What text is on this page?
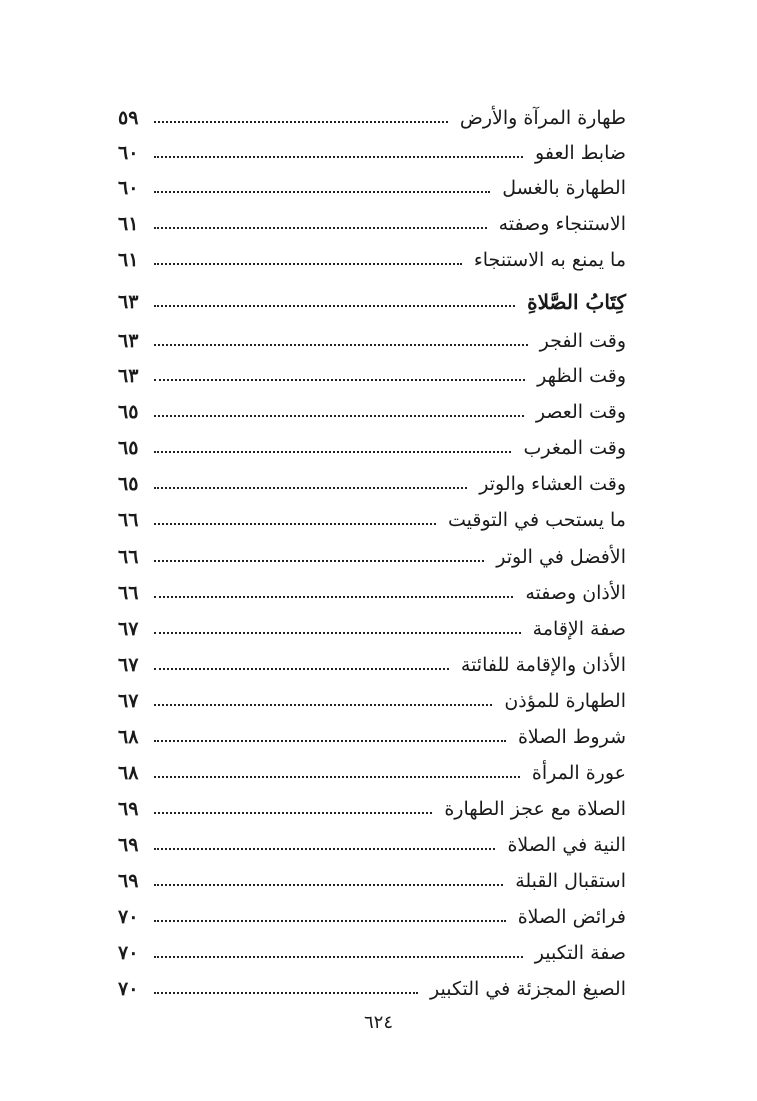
طهارة المرآة والأرض
٥٩
ضابط العفو
٦٠
الطهارة بالغسل
٦٠
الاستنجاء وصفته
٦١
ما يمنع به الاستنجاء
٦١
كِتَابُ الصَّلاةِ
٦٣
وقت الفجر
٦٣
وقت الظهر
٦٣
وقت العصر
٦٥
وقت المغرب
٦٥
وقت العشاء والوتر
٦٥
ما يستحب في التوقيت
٦٦
الأفضل في الوتر
٦٦
الأذان وصفته
٦٦
صفة الإقامة
٦٧
الأذان والإقامة للفائتة
٦٧
الطهارة للمؤذن
٦٧
شروط الصلاة
٦٨
عورة المرأة
٦٨
الصلاة مع عجز الطهارة
٦٩
النية في الصلاة
٦٩
استقبال القبلة
٦٩
فرائض الصلاة
٧٠
صفة التكبير
٧٠
الصيغ المجزئة في التكبير
٧٠
٦٢٤
